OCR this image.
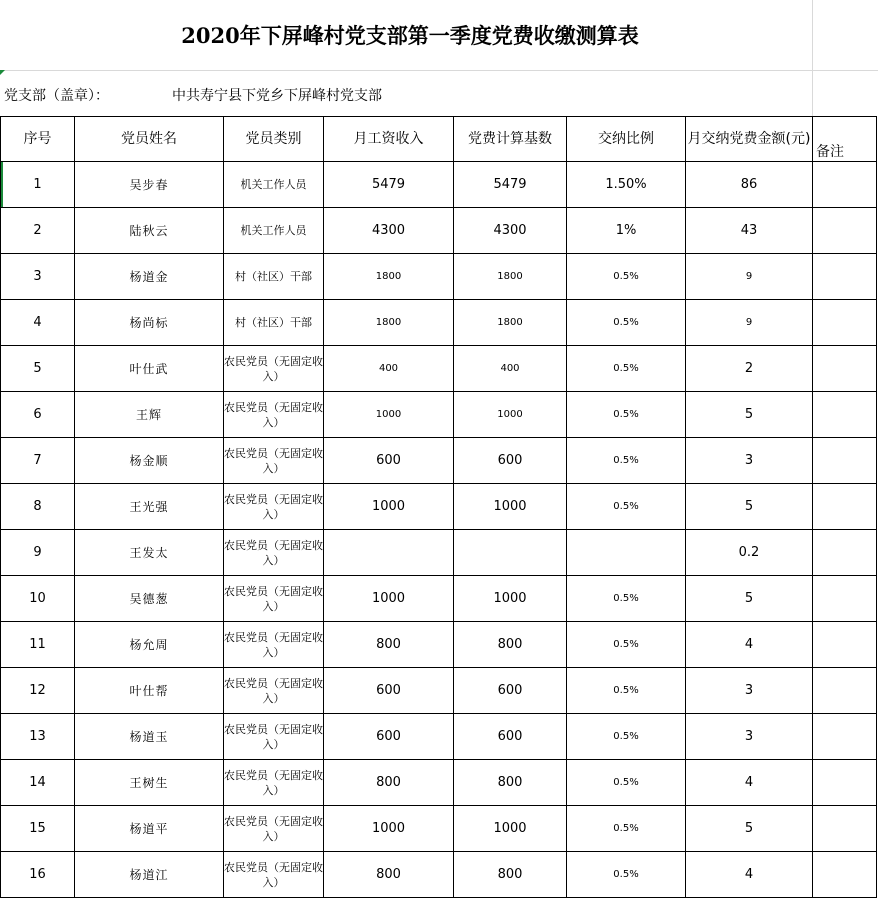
2020年下屏峰村党支部第一季度党费收缴测算表
党支部（盖章）：	中共寿宁县下党乡下屏峰村党支部
序号	党员姓名	党员类别	月工资收入	党费计算基数	交纳比例	月交纳党费金额(元)	备注

1	吴步春	机关工作人员	5479	5479	1.50%	86	
2	陆秋云	机关工作人员	4300	4300	1%	43	
3	杨道金	村（社区）干部	1800	1800	0.5%	9	
4	杨尚标	村（社区）干部	1800	1800	0.5%	9	
5	叶仕武	农民党员（无固定收入）	400	400	0.5%	2	
6	王辉	农民党员（无固定收入）	1000	1000	0.5%	5	
7	杨金顺	农民党员（无固定收入）	600	600	0.5%	3	
8	王光强	农民党员（无固定收入）	1000	1000	0.5%	5	
9	王发太	农民党员（无固定收入）				0.2	
10	吴德葱	农民党员（无固定收入）	1000	1000	0.5%	5	
11	杨允周	农民党员（无固定收入）	800	800	0.5%	4	
12	叶仕帮	农民党员（无固定收入）	600	600	0.5%	3	
13	杨道玉	农民党员（无固定收入）	600	600	0.5%	3	
14	王树生	农民党员（无固定收入）	800	800	0.5%	4	
15	杨道平	农民党员（无固定收入）	1000	1000	0.5%	5	
16	杨道江	农民党员（无固定收入）	800	800	0.5%	4	
